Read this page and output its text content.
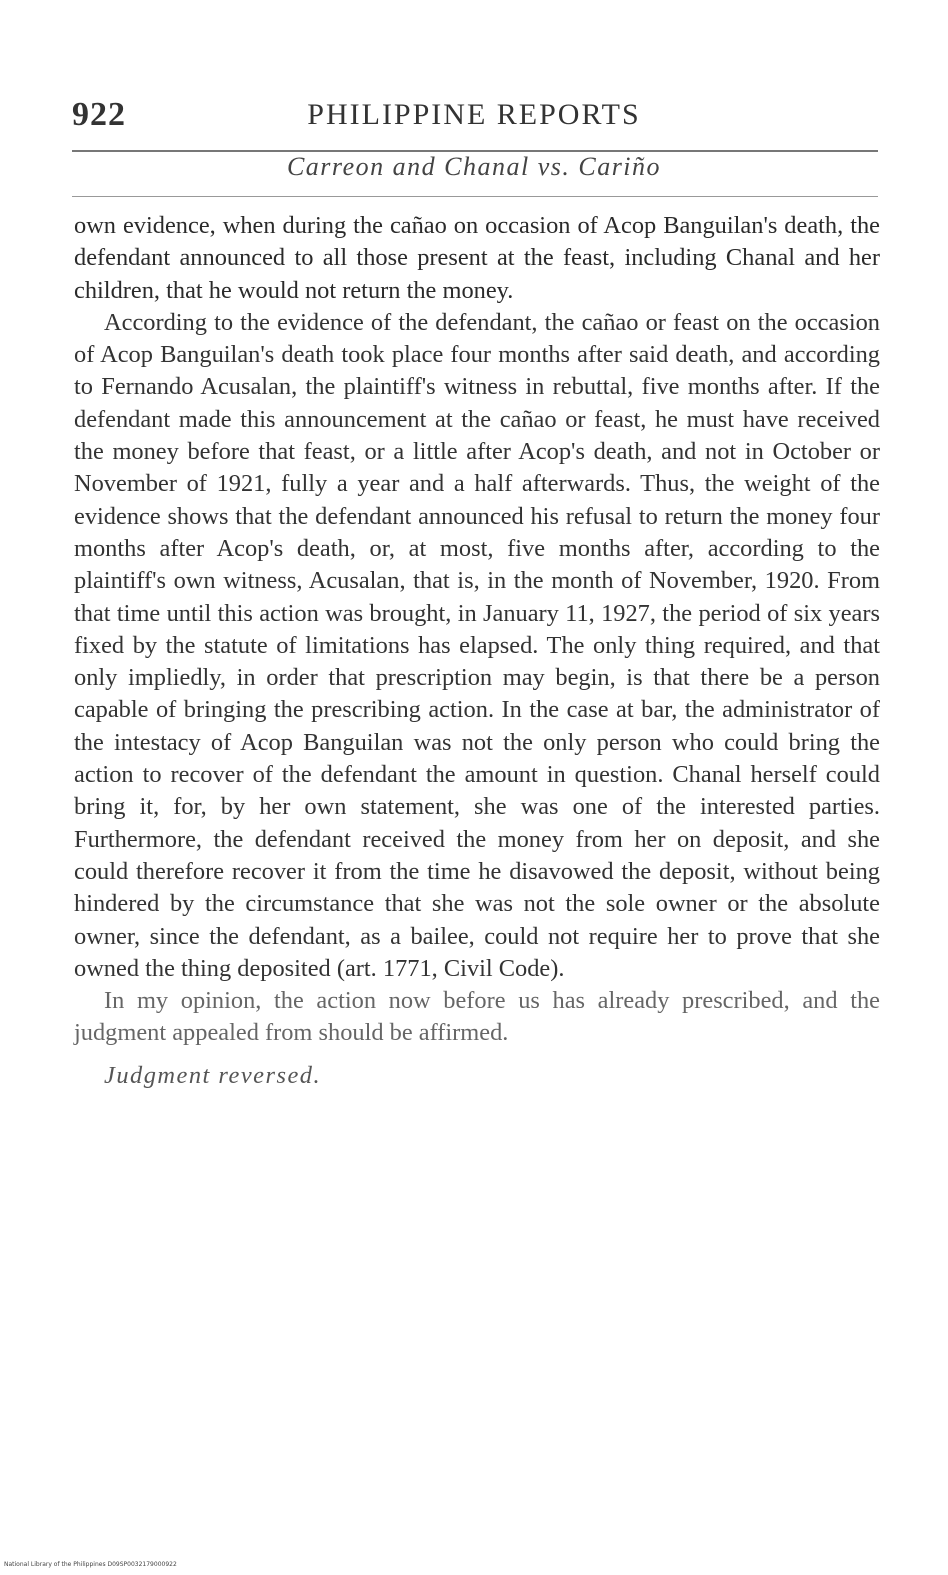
922	PHILIPPINE REPORTS
Carreon and Chanal vs. Cariño

own evidence, when during the cañao on occasion of Acop Banguilan's death, the defendant announced to all those present at the feast, including Chanal and her children, that he would not return the money.

According to the evidence of the defendant, the cañao or feast on the occasion of Acop Banguilan's death took place four months after said death, and according to Fernando Acusalan, the plaintiff's witness in rebuttal, five months after. If the defendant made this announcement at the cañao or feast, he must have received the money before that feast, or a little after Acop's death, and not in October or November of 1921, fully a year and a half afterwards. Thus, the weight of the evidence shows that the defendant announced his refusal to return the money four months after Acop's death, or, at most, five months after, according to the plaintiff's own witness, Acusalan, that is, in the month of November, 1920. From that time until this action was brought, in January 11, 1927, the period of six years fixed by the statute of limitations has elapsed. The only thing required, and that only impliedly, in order that prescription may begin, is that there be a person capable of bringing the prescribing action. In the case at bar, the administrator of the intestacy of Acop Banguilan was not the only person who could bring the action to recover of the defendant the amount in question. Chanal herself could bring it, for, by her own statement, she was one of the interested parties. Furthermore, the defendant received the money from her on deposit, and she could therefore recover it from the time he disavowed the deposit, without being hindered by the circumstance that she was not the sole owner or the absolute owner, since the defendant, as a bailee, could not require her to prove that she owned the thing deposited (art. 1771, Civil Code).

In my opinion, the action now before us has already prescribed, and the judgment appealed from should be affirmed.

Judgment reversed.

National Library of the Philippines D09SP0032179000922
